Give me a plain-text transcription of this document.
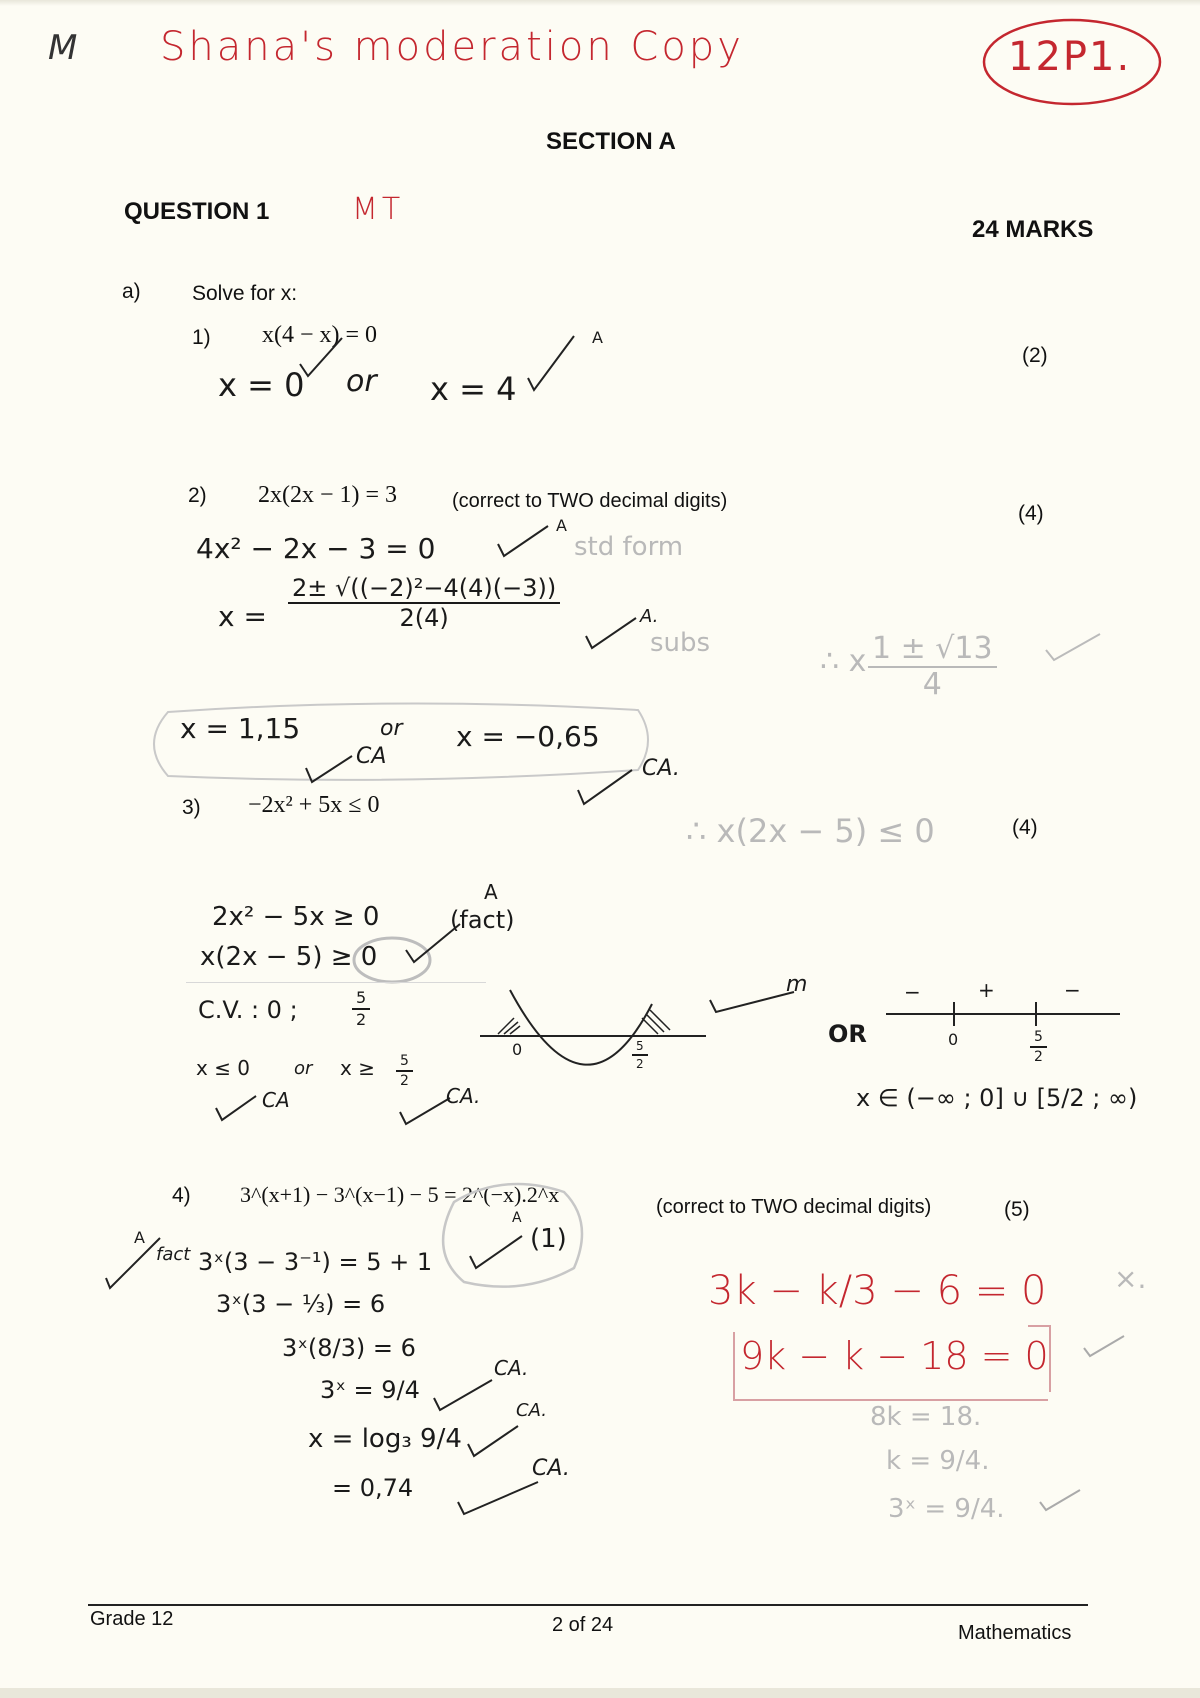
M Shana's moderation Copy	12P1.
SECTION A
QUESTION 1	MT
24 MARKS
a) Solve for x:
1) x(4 − x) = 0
(2)
x = 0 or x = 4
A
2) 2x(2x − 1) = 3	(correct to TWO decimal digits)
(4)
4x² − 2x − 3 = 0
A
std form
$x = \frac{\text{2± √((−2)²−4(4)(−3))}}{2(4)}$	A.
subs
∴ x $\frac{1 \pm √13}{4}$
x = 1,15	or x = −0,65
CA	CA.
3) −2x² + 5x ≤ 0
∴ x(2x − 5) ≤ 0	(4)
2x² − 5x ≥ 0
x(2x − 5) ≥ 0
A
(fact)
C.V. : 0 ;	$\frac{5}{2}$
0	$\frac{5}{2}$
m
OR
−	+	−
0	$\frac{5}{2}$
x ≤ 0 or $x \ge \frac{5}{2}$
CA	CA.	x ∈ (−∞ ; 0] ∪ [5/2 ; ∞)
4) 3^(x+1) − 3^(x−1) − 5 = 2^(−x).2^x	(correct to TWO decimal digits)	(5)
A
fact 3ˣ(3 − 3⁻¹) = 5 + 1
A
(1)
3ˣ(3 − ⅓) = 6
3ˣ(8/3) = 6
3ˣ = 9/4
CA.
x = log₃ 9/4
CA.
= 0,74
CA.
3k − k/3 − 6 = 0 ×.
9k − k − 18 = 0
8k = 18.
k = 9/4.
3ˣ = 9/4.
Grade 12	2 of 24	Mathematics
